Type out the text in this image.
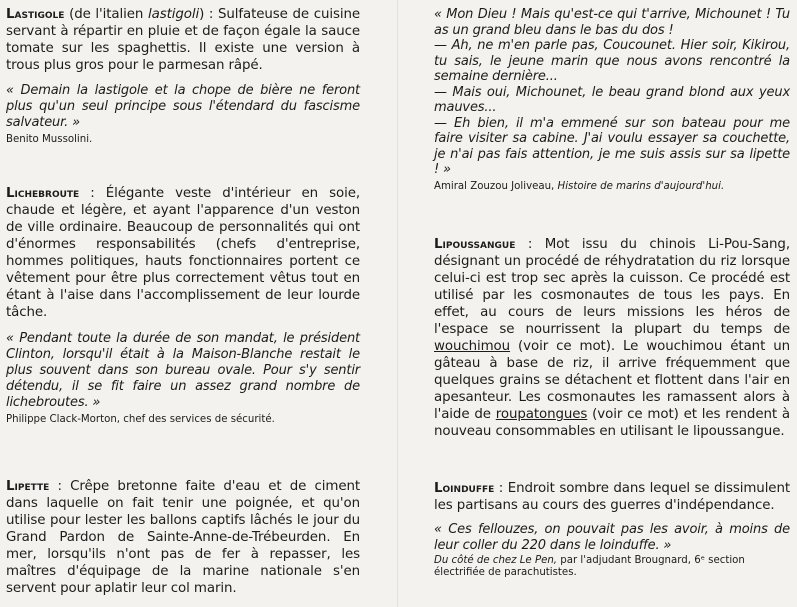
Lastigole (de l'italien lastigoli) : Sulfateuse de cuisine servant à répartir en pluie et de façon égale la sauce tomate sur les spaghettis. Il existe une version à trous plus gros pour le parmesan râpé.

« Demain la lastigole et la chope de bière ne feront plus qu'un seul principe sous l'étendard du fascisme salvateur. »

Benito Mussolini.

Lichebroute : Élégante veste d'intérieur en soie, chaude et légère, et ayant l'apparence d'un veston de ville ordinaire. Beaucoup de personnalités qui ont d'énormes responsabilités (chefs d'entreprise, hommes politiques, hauts fonctionnaires portent ce vêtement pour être plus correctement vêtus tout en étant à l'aise dans l'accomplissement de leur lourde tâche.

« Pendant toute la durée de son mandat, le président Clinton, lorsqu'il était à la Maison-Blanche restait le plus souvent dans son bureau ovale. Pour s'y sentir détendu, il se fit faire un assez grand nombre de lichebroutes. »

Philippe Clack-Morton, chef des services de sécurité.

Lipette : Crêpe bretonne faite d'eau et de ciment dans laquelle on fait tenir une poignée, et qu'on utilise pour lester les ballons captifs lâchés le jour du Grand Pardon de Sainte-Anne-de-Trébeurden. En mer, lorsqu'ils n'ont pas de fer à repasser, les maîtres d'équipage de la marine nationale s'en servent pour aplatir leur col marin.

« Mon Dieu ! Mais qu'est-ce qui t'arrive, Michounet ! Tu as un grand bleu dans le bas du dos !

— Ah, ne m'en parle pas, Coucounet. Hier soir, Kikirou, tu sais, le jeune marin que nous avons rencontré la semaine dernière...

— Mais oui, Michounet, le beau grand blond aux yeux mauves...

— Eh bien, il m'a emmené sur son bateau pour me faire visiter sa cabine. J'ai voulu essayer sa couchette, je n'ai pas fais attention, je me suis assis sur sa lipette ! »

Amiral Zouzou Joliveau, Histoire de marins d'aujourd'hui.

Lipoussangue : Mot issu du chinois Li-Pou-Sang, désignant un procédé de réhydratation du riz lorsque celui-ci est trop sec après la cuisson. Ce procédé est utilisé par les cosmonautes de tous les pays. En effet, au cours de leurs missions les héros de l'espace se nourrissent la plupart du temps de wouchimou (voir ce mot). Le wouchimou étant un gâteau à base de riz, il arrive fréquemment que quelques grains se détachent et flottent dans l'air en apesanteur. Les cosmonautes les ramassent alors à l'aide de roupatongues (voir ce mot) et les rendent à nouveau consommables en utilisant le lipoussangue.

Loinduffe : Endroit sombre dans lequel se dissimulent les partisans au cours des guerres d'indépendance.

« Ces fellouzes, on pouvait pas les avoir, à moins de leur coller du 220 dans le loinduffe. »

Du côté de chez Le Pen, par l'adjudant Brougnard, 6ᵉ section électrifiée de parachutistes.
